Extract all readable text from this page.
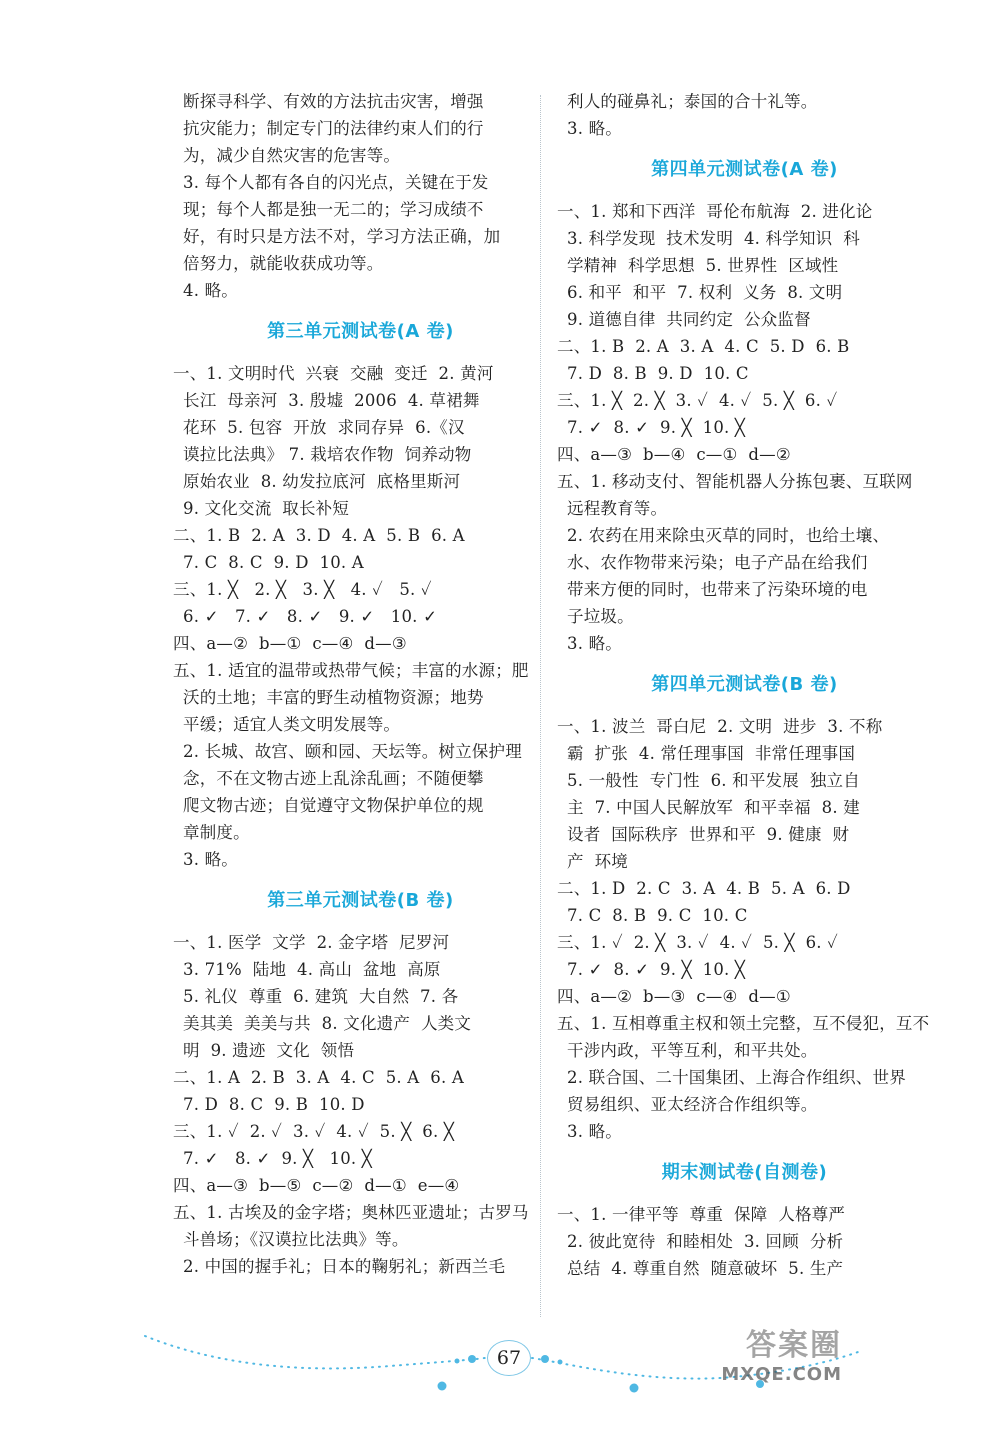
断探寻科学、有效的方法抗击灾害，增强
抗灾能力；制定专门的法律约束人们的行
为，减少自然灾害的危害等。
3. 每个人都有各自的闪光点，关键在于发
现；每个人都是独一无二的；学习成绩不
好，有时只是方法不对，学习方法正确，加
倍努力，就能收获成功等。
4. 略。
第三单元测试卷(A 卷)
一、1. 文明时代  兴衰  交融  变迁  2. 黄河
长江  母亲河  3. 殷墟  2006  4. 草裙舞
花环  5. 包容  开放  求同存异  6.《汉
谟拉比法典》 7. 栽培农作物  饲养动物
原始农业  8. 幼发拉底河  底格里斯河
9. 文化交流  取长补短
二、1. B  2. A  3. D  4. A  5. B  6. A
7. C  8. C  9. D  10. A
三、1. ╳   2. ╳   3. ╳   4. ✓   5. ✓
6. ✓   7. ✓   8. ✓   9. ✓   10. ✓
四、a—②  b—①  c—④  d—③
五、1. 适宜的温带或热带气候；丰富的水源；肥
沃的土地；丰富的野生动植物资源；地势
平缓；适宜人类文明发展等。
2. 长城、故宫、颐和园、天坛等。树立保护理
念，不在文物古迹上乱涂乱画；不随便攀
爬文物古迹；自觉遵守文物保护单位的规
章制度。
3. 略。
第三单元测试卷(B 卷)
一、1. 医学  文学  2. 金字塔  尼罗河
3. 71%  陆地  4. 高山  盆地  高原
5. 礼仪  尊重  6. 建筑  大自然  7. 各
美其美  美美与共  8. 文化遗产  人类文
明  9. 遗迹  文化  领悟
二、1. A  2. B  3. A  4. C  5. A  6. A
7. D  8. C  9. B  10. D
三、1. ✓  2. ✓  3. ✓  4. ✓  5. ╳  6. ╳
7. ✓   8. ✓  9. ╳   10. ╳
四、a—③  b—⑤  c—②  d—①  e—④
五、1. 古埃及的金字塔；奥林匹亚遗址；古罗马
斗兽场；《汉谟拉比法典》等。
2. 中国的握手礼；日本的鞠躬礼；新西兰毛
利人的碰鼻礼；泰国的合十礼等。
3. 略。
第四单元测试卷(A 卷)
一、1. 郑和下西洋  哥伦布航海  2. 进化论
3. 科学发现  技术发明  4. 科学知识  科
学精神  科学思想  5. 世界性  区域性
6. 和平  和平  7. 权利  义务  8. 文明
9. 道德自律  共同约定  公众监督
二、1. B  2. A  3. A  4. C  5. D  6. B
7. D  8. B  9. D  10. C
三、1. ╳  2. ╳  3. ✓  4. ✓  5. ╳  6. ✓
7. ✓  8. ✓  9. ╳  10. ╳
四、a—③  b—④  c—①  d—②
五、1. 移动支付、智能机器人分拣包裹、互联网
远程教育等。
2. 农药在用来除虫灭草的同时，也给土壤、
水、农作物带来污染；电子产品在给我们
带来方便的同时，也带来了污染环境的电
子垃圾。
3. 略。
第四单元测试卷(B 卷)
一、1. 波兰  哥白尼  2. 文明  进步  3. 不称
霸  扩张  4. 常任理事国  非常任理事国
5. 一般性  专门性  6. 和平发展  独立自
主  7. 中国人民解放军  和平幸福  8. 建
设者  国际秩序  世界和平  9. 健康  财
产  环境
二、1. D  2. C  3. A  4. B  5. A  6. D
7. C  8. B  9. C  10. C
三、1. ✓  2. ╳  3. ✓  4. ✓  5. ╳  6. ✓
7. ✓  8. ✓  9. ╳  10. ╳
四、a—②  b—③  c—④  d—①
五、1. 互相尊重主权和领土完整，互不侵犯，互不
干涉内政，平等互利，和平共处。
2. 联合国、二十国集团、上海合作组织、世界
贸易组织、亚太经济合作组织等。
3. 略。
期末测试卷(自测卷)
一、1. 一律平等  尊重  保障  人格尊严
2. 彼此宽待  和睦相处  3. 回顾  分析
总结  4. 尊重自然  随意破坏  5. 生产
67	答案圈
MXQE.COM
